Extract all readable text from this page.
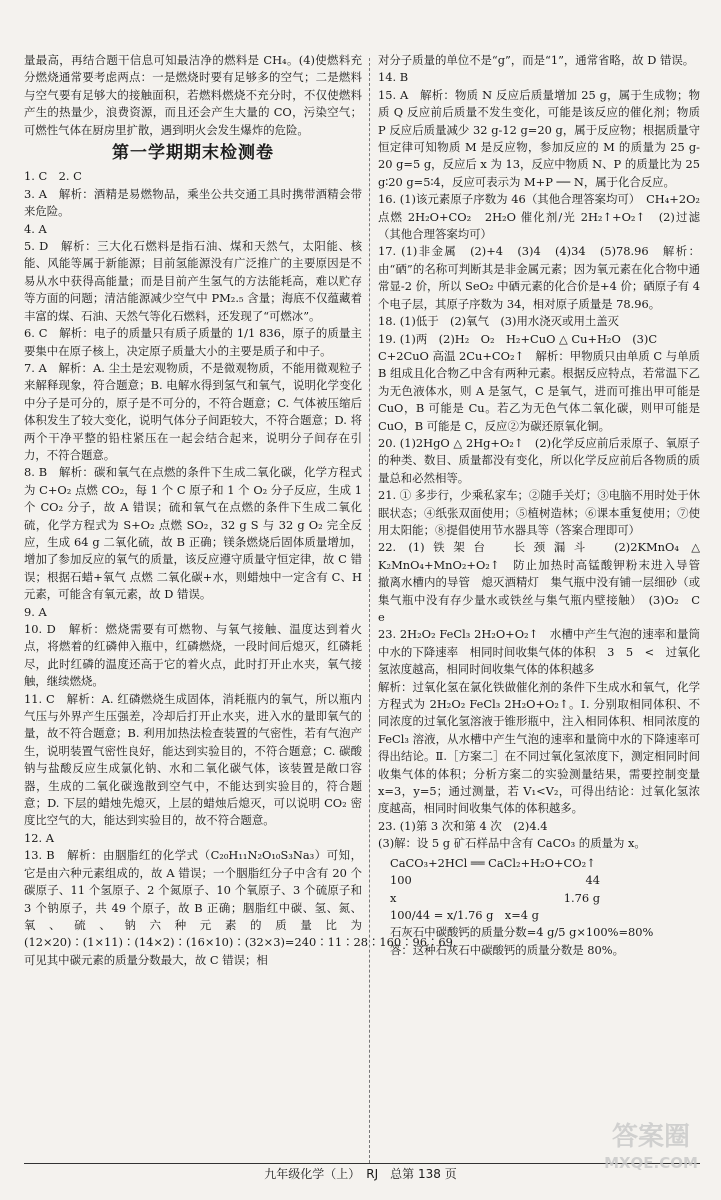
量最高，再结合题干信息可知最洁净的燃料是 CH₄。(4)使燃料充分燃烧通常要考虑两点：一是燃烧时要有足够多的空气；二是燃料与空气要有足够大的接触面积，若燃料燃烧不充分时，不仅使燃料产生的热量少，浪费资源，而且还会产生大量的 CO，污染空气；可燃性气体在厨房里扩散，遇到明火会发生爆炸的危险。

第一学期期末检测卷

1. C　2. C

3. A　解析：酒精是易燃物品，乘坐公共交通工具时携带酒精会带来危险。

4. A

5. D　解析：三大化石燃料是指石油、煤和天然气，太阳能、核能、风能等属于新能源；目前氢能源没有广泛推广的主要原因是不易从水中获得高能量；而是目前产生氢气的方法能耗高，难以贮存等方面的问题；清洁能源减少空气中 PM₂.₅ 含量；海底不仅蕴藏着丰富的煤、石油、天然气等化石燃料，还发现了“可燃冰”。

6. C　解析：电子的质量只有质子质量的 1/1 836，原子的质量主要集中在原子核上，决定原子质量大小的主要是质子和中子。

7. A　解析：A. 尘土是宏观物质，不是微观物质，不能用微观粒子来解释现象，符合题意；B. 电解水得到氢气和氧气，说明化学变化中分子是可分的，原子是不可分的，不符合题意；C. 气体被压缩后体积发生了较大变化，说明气体分子间距较大，不符合题意；D. 将两个干净平整的铅柱紧压在一起会结合起来，说明分子间存在引力，不符合题意。

8. B　解析：碳和氧气在点燃的条件下生成二氧化碳，化学方程式为 C+O₂ 点燃 CO₂，每 1 个 C 原子和 1 个 O₂ 分子反应，生成 1 个 CO₂ 分子，故 A 错误；硫和氧气在点燃的条件下生成二氧化硫，化学方程式为 S+O₂ 点燃 SO₂，32 g S 与 32 g O₂ 完全反应，生成 64 g 二氧化硫，故 B 正确；镁条燃烧后固体质量增加，增加了参加反应的氧气的质量，该反应遵守质量守恒定律，故 C 错误；根据石蜡+氧气 点燃 二氧化碳+水，则蜡烛中一定含有 C、H 元素，可能含有氧元素，故 D 错误。

9. A

10. D　解析：燃烧需要有可燃物、与氧气接触、温度达到着火点，将燃着的红磷伸入瓶中，红磷燃烧，一段时间后熄灭，红磷耗尽，此时红磷的温度还高于它的着火点，此时打开止水夹，氧气接触，继续燃烧。

11. C　解析：A. 红磷燃烧生成固体，消耗瓶内的氧气，所以瓶内气压与外界产生压强差，冷却后打开止水夹，进入水的量即氧气的量，故不符合题意；B. 利用加热法检查装置的气密性，若有气泡产生，说明装置气密性良好，能达到实验目的，不符合题意；C. 碳酸钠与盐酸反应生成氯化钠、水和二氧化碳气体，该装置是敞口容器，生成的二氧化碳逸散到空气中，不能达到实验目的，符合题意；D. 下层的蜡烛先熄灭，上层的蜡烛后熄灭，可以说明 CO₂ 密度比空气的大，能达到实验目的，故不符合题意。

12. A

13. B　解析：由胭脂红的化学式（C₂₀H₁₁N₂O₁₀S₃Na₃）可知，它是由六种元素组成的，故 A 错误；一个胭脂红分子中含有 20 个碳原子、11 个氢原子、2 个氮原子、10 个氧原子、3 个硫原子和 3 个钠原子，共 49 个原子，故 B 正确；胭脂红中碳、氢、氮、氧、硫、钠六种元素的质量比为 (12×20)∶(1×11)∶(14×2)∶(16×10)∶(32×3)=240∶11∶28∶160∶96∶69，可见其中碳元素的质量分数最大，故 C 错误；相

对分子质量的单位不是“g”，而是“1”，通常省略，故 D 错误。

14. B

15. A　解析：物质 N 反应后质量增加 25 g，属于生成物；物质 Q 反应前后质量不发生变化，可能是该反应的催化剂；物质 P 反应后质量减少 32 g-12 g=20 g，属于反应物；根据质量守恒定律可知物质 M 是反应物，参加反应的 M 的质量为 25 g-20 g=5 g，反应后 x 为 13，反应中物质 N、P 的质量比为 25 g∶20 g=5∶4，反应可表示为 M+P ── N，属于化合反应。

16. (1)该元素原子序数为 46（其他合理答案均可）　CH₄+2O₂ 点燃 2H₂O+CO₂　2H₂O 催化剂/光 2H₂↑+O₂↑　(2)过滤（其他合理答案均可）

17. (1)非金属　(2)+4　(3)4　(4)34　(5)78.96　解析：由“硒”的名称可判断其是非金属元素；因为氧元素在化合物中通常显-2 价，所以 SeO₂ 中硒元素的化合价是+4 价；硒原子有 4 个电子层，其原子序数为 34，相对原子质量是 78.96。

18. (1)低于　(2)氧气　(3)用水浇灭或用土盖灭

19. (1)两　(2)H₂　O₂　H₂+CuO △ Cu+H₂O　(3)C

C+2CuO 高温 2Cu+CO₂↑　解析：甲物质只由单质 C 与单质 B 组成且化合物乙中含有两种元素。根据反应特点，若常温下乙为无色液体水，则 A 是氢气，C 是氧气，进而可推出甲可能是 CuO，B 可能是 Cu。若乙为无色气体二氧化碳，则甲可能是 CuO，B 可能是 C，反应②为碳还原氧化铜。

20. (1)2HgO △ 2Hg+O₂↑　(2)化学反应前后汞原子、氧原子的种类、数目、质量都没有变化，所以化学反应前后各物质的质量总和必然相等。

21. ① 多步行，少乘私家车；②随手关灯；③电脑不用时处于休眠状态；④纸张双面使用；⑤植树造林；⑥课本重复使用；⑦使用太阳能；⑧提倡使用节水器具等（答案合理即可）

22. (1)铁架台　长颈漏斗　(2)2KMnO₄ △ K₂MnO₄+MnO₂+O₂↑　防止加热时高锰酸钾粉末进入导管　撤离水槽内的导管　熄灭酒精灯　集气瓶中没有铺一层细砂（或集气瓶中没有存少量水或铁丝与集气瓶内壁接触）　(3)O₂　C　e

23. 2H₂O₂ FeCl₃ 2H₂O+O₂↑　水槽中产生气泡的速率和量筒中水的下降速率　相同时间收集气体的体积　3　5　<　过氧化氢浓度越高，相同时间收集气体的体积越多

解析：过氧化氢在氯化铁做催化剂的条件下生成水和氧气，化学方程式为 2H₂O₂ FeCl₃ 2H₂O+O₂↑。Ⅰ. 分别取相同体积、不同浓度的过氧化氢溶液于锥形瓶中，注入相同体积、相同浓度的 FeCl₃ 溶液，从水槽中产生气泡的速率和量筒中水的下降速率可得出结论。Ⅱ.［方案二］在不同过氧化氢浓度下，测定相同时间收集气体的体积；分析方案二的实验测量结果，需要控制变量 x=3，y=5；通过测量，若 V₁<V₂，可得出结论：过氧化氢浓度越高，相同时间收集气体的体积越多。

23. (1)第 3 次和第 4 次　(2)4.4

(3)解：设 5 g 矿石样品中含有 CaCO₃ 的质量为 x。

CaCO₃+2HCl ══ CaCl₂+H₂O+CO₂↑
100	44
x	1.76 g
100/44 = x/1.76 g　x=4 g
石灰石中碳酸钙的质量分数=4 g/5 g×100%=80%
答：这种石灰石中碳酸钙的质量分数是 80%。
九年级化学（上）　RJ　总第 138 页
答案圈
MXQE.COM
